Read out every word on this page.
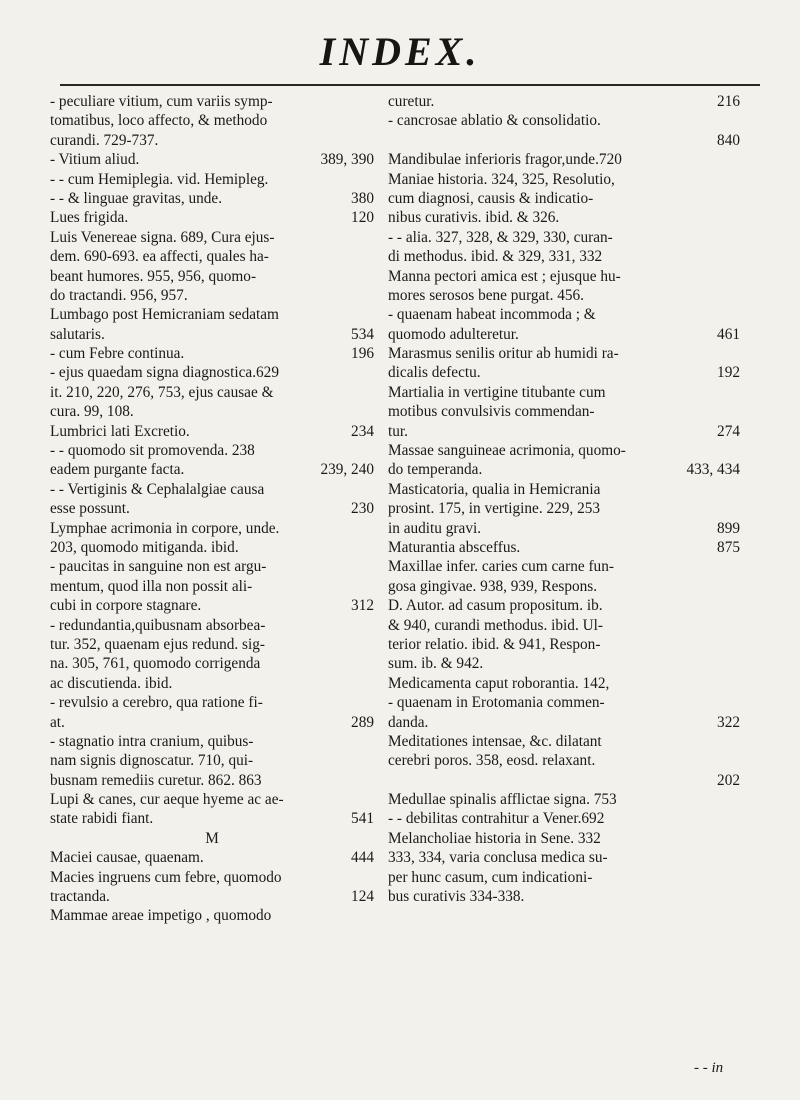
INDEX.
- peculiare vitium, cum variis symp-
tomatibus, loco affecto, & methodo
curandi. 729-737.
- Vitium aliud.	389, 390
- - cum Hemiplegia. vid. Hemipleg.
- - & linguae gravitas, unde.	380
Lues frigida.	120
Luis Venereae signa. 689, Cura ejus-
dem. 690-693. ea affecti, quales ha-
beant humores. 955, 956, quomo-
do tractandi. 956, 957.
Lumbago post Hemicraniam sedatam
salutaris.	534
- cum Febre continua.	196
- ejus quaedam signa diagnostica.629
it. 210, 220, 276, 753, ejus causae &
cura. 99, 108.
Lumbrici lati Excretio.	234
- - quomodo sit promovenda. 238
eadem purgante facta.	239, 240
- - Vertiginis & Cephalalgiae causa
esse possunt.	230
Lymphae acrimonia in corpore, unde.
203, quomodo mitiganda. ibid.
- paucitas in sanguine non est argu-
mentum, quod illa non possit ali-
cubi in corpore stagnare.	312
- redundantia,quibusnam absorbea-
tur. 352, quaenam ejus redund. sig-
na. 305, 761, quomodo corrigenda
ac discutienda. ibid.
- revulsio a cerebro, qua ratione fi-
at.	289
- stagnatio intra cranium, quibus-
nam signis dignoscatur. 710, qui-
busnam remediis curetur. 862. 863
Lupi & canes, cur aeque hyeme ac ae-
state rabidi fiant.	541
M
Maciei causae, quaenam.	444
Macies ingruens cum febre, quomodo
tractanda.	124
Mammae areae impetigo , quomodo
curetur.	216
- cancrosae ablatio & consolidatio.
840
Mandibulae inferioris fragor,unde.720
Maniae historia. 324, 325, Resolutio,
cum diagnosi, causis & indicatio-
nibus curativis. ibid. & 326.
- - alia. 327, 328, & 329, 330, curan-
di methodus. ibid. & 329, 331, 332
Manna pectori amica est ; ejusque hu-
mores serosos bene purgat. 456.
- quaenam habeat incommoda ; &
quomodo adulteretur.	461
Marasmus senilis oritur ab humidi ra-
dicalis defectu.	192
Martialia in vertigine titubante cum
motibus convulsivis commendan-
tur.	274
Massae sanguineae acrimonia, quomo-
do temperanda.	433, 434
Masticatoria, qualia in Hemicrania
prosint. 175, in vertigine. 229, 253
in auditu gravi.	899
Maturantia absceffus.	875
Maxillae infer. caries cum carne fun-
gosa gingivae. 938, 939, Respons.
D. Autor. ad casum propositum. ib.
& 940, curandi methodus. ibid. Ul-
terior relatio. ibid. & 941, Respon-
sum. ib. & 942.
Medicamenta caput roborantia. 142,
- quaenam in Erotomania commen-
danda.	322
Meditationes intensae, &c. dilatant
cerebri poros. 358, eosd. relaxant.
202
Medullae spinalis afflictae signa. 753
- - debilitas contrahitur a Vener.692
Melancholiae historia in Sene. 332
333, 334, varia conclusa medica su-
per hunc casum, cum indicationi-
bus curativis 334-338.
- - in
